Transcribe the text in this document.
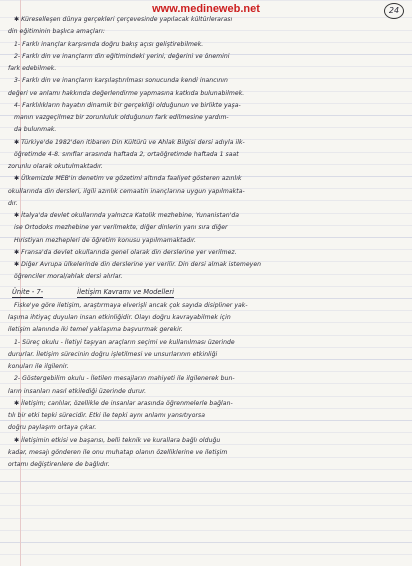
www.medineweb.net	24
✱ Küreselleşen dünya gerçekleri çerçevesinde yapılacak kültürlerarası
din eğitiminin başlıca amaçları:
1- Farklı inançlar karşısında doğru bakış açısı geliştirebilmek.
2- Farklı din ve inançların din eğitimindeki yerini, değerini ve önemini
fark edebilmek.
3- Farklı din ve inançların karşılaştırılması sonucunda kendi inancının
değeri ve anlamı hakkında değerlendirme yapmasına katkıda bulunabilmek.
4- Farklılıkların hayatın dinamik bir gerçekliği olduğunun ve birlikte yaşa-
manın vazgeçilmez bir zorunluluk olduğunun fark edilmesine yardım-
da bulunmak.
✱ Türkiye'de 1982'den itibaren Din Kültürü ve Ahlak Bilgisi dersi adıyla ilk-
öğretimde 4-8. sınıflar arasında haftada 2, ortaöğretimde haftada 1 saat
zorunlu olarak okutulmaktadır.
✱ Ülkemizde MEB'in denetim ve gözetimi altında faaliyet gösteren azınlık
okullarında din dersleri, ilgili azınlık cemaatin inançlarına uygun yapılmakta-
dır.
✱ İtalya'da devlet okullarında yalnızca Katolik mezhebine, Yunanistan'da
ise Ortodoks mezhebine yer verilmekte, diğer dinlerin yanı sıra diğer
Hıristiyan mezhepleri de öğretim konusu yapılmamaktadır.
✱ Fransa'da devlet okullarında genel olarak din derslerine yer verilmez.
✱ Diğer Avrupa ülkelerinde din derslerine yer verilir. Din dersi almak istemeyen
öğrenciler moral/ahlak dersi alırlar.
Ünite - 7-	İletişim Kavramı ve Modelleri
Fiske'ye göre iletişim, araştırmaya elverişli ancak çok sayıda disipliner yak-
laşıma ihtiyaç duyulan insan etkinliğidir. Olayı doğru kavrayabilmek için
iletişim alanında iki temel yaklaşıma başvurmak gerekir.
1- Süreç okulu - İletiyi taşıyan araçların seçimi ve kullanılması üzerinde
dururlar. İletişim sürecinin doğru işletilmesi ve unsurlarının etkinliği
konuları ile ilgilenir.
2- Göstergebilim okulu - İletilen mesajların mahiyeti ile ilgilenerek bun-
ların insanları nasıl etkilediği üzerinde durur.
✱ İletişim; canlılar, özellikle de insanlar arasında öğrenmelerle bağlan-
tılı bir etki tepki sürecidir. Etki ile tepki aynı anlamı yansıtıyorsa
doğru paylaşım ortaya çıkar.
✱ İletişimin etkisi ve başarısı, belli teknik ve kurallara bağlı olduğu
kadar, mesajı gönderen ile onu muhatap olanın özelliklerine ve iletişim
ortamı değiştirenlere de bağlıdır.
